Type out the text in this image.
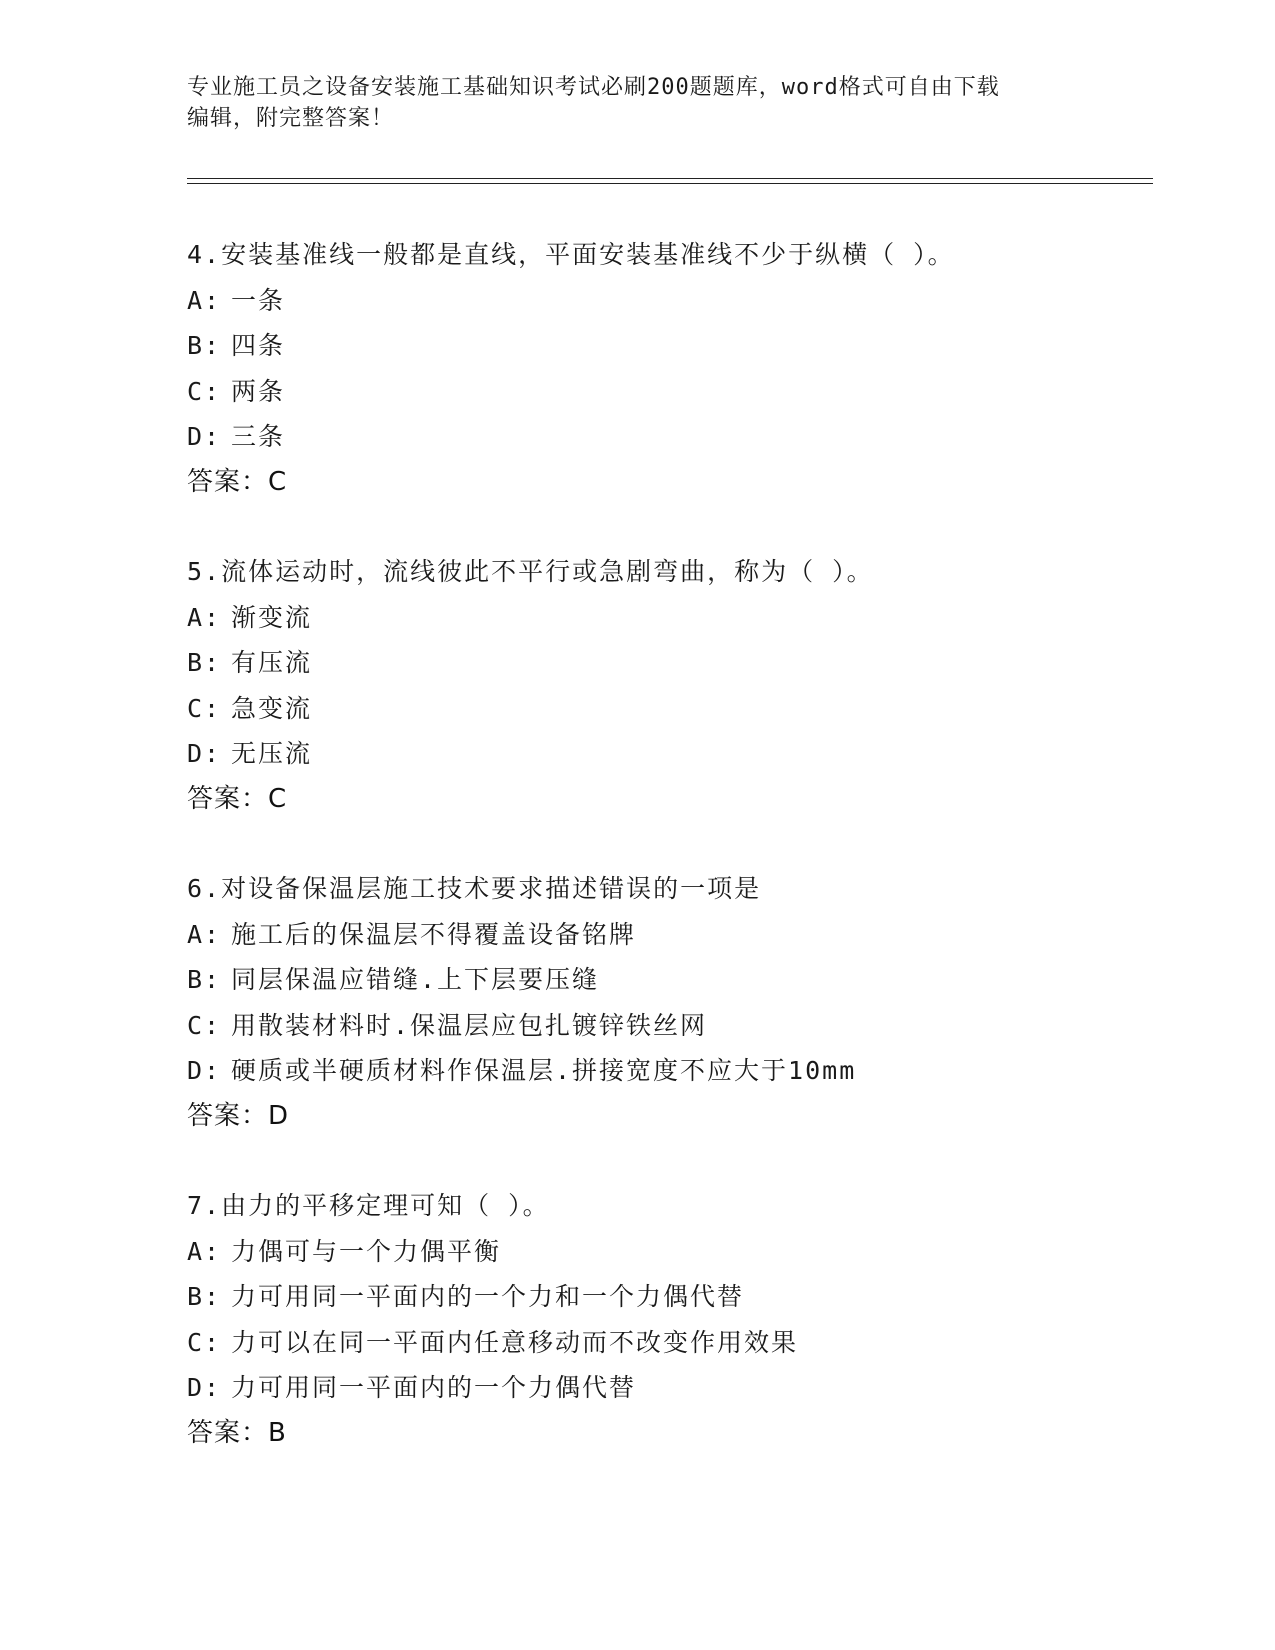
专业施工员之设备安装施工基础知识考试必刷200题题库，word格式可自由下载
编辑，附完整答案！
4.安装基准线一般都是直线，平面安装基准线不少于纵横（ ）。
A: 一条
B: 四条
C: 两条
D: 三条
答案：C
5.流体运动时，流线彼此不平行或急剧弯曲，称为（ ）。
A: 渐变流
B: 有压流
C: 急变流
D: 无压流
答案：C
6.对设备保温层施工技术要求描述错误的一项是
A: 施工后的保温层不得覆盖设备铭牌
B: 同层保温应错缝.上下层要压缝
C: 用散装材料时.保温层应包扎镀锌铁丝网
D: 硬质或半硬质材料作保温层.拼接宽度不应大于10mm
答案：D
7.由力的平移定理可知（ ）。
A: 力偶可与一个力偶平衡
B: 力可用同一平面内的一个力和一个力偶代替
C: 力可以在同一平面内任意移动而不改变作用效果
D: 力可用同一平面内的一个力偶代替
答案：B
